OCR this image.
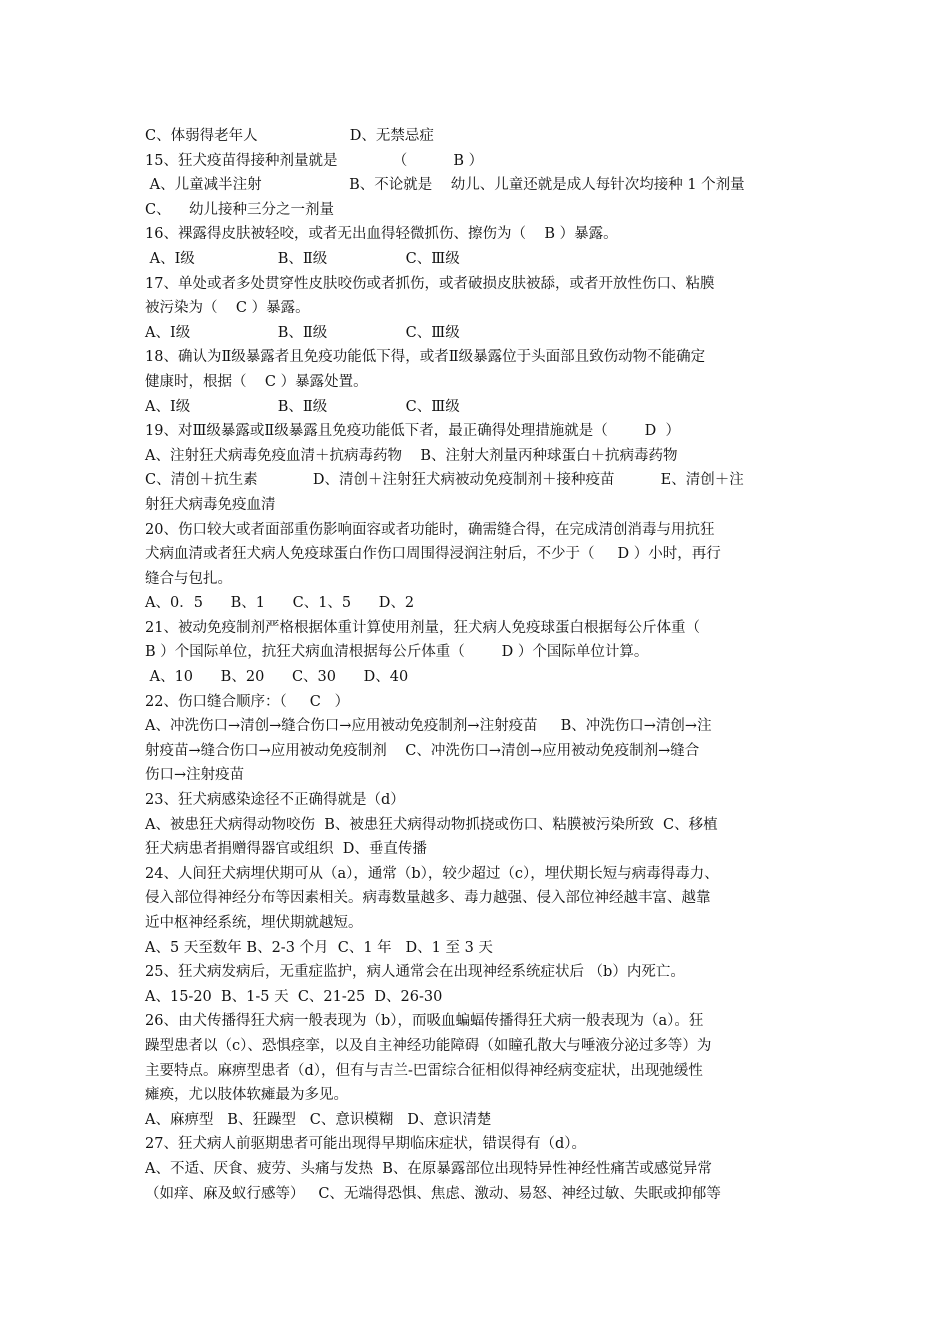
C、体弱得老年人                    D、无禁忌症
15、狂犬疫苗得接种剂量就是            （          B ）
A、儿童减半注射                   B、不论就是    幼儿、儿童还就是成人每针次均接种 1 个剂量
C、    幼儿接种三分之一剂量
16、裸露得皮肤被轻咬，或者无出血得轻微抓伤、擦伤为（    B ）暴露。
A、Ⅰ级                  B、Ⅱ级                 C、Ⅲ级
17、单处或者多处贯穿性皮肤咬伤或者抓伤，或者破损皮肤被舔，或者开放性伤口、粘膜
被污染为（    C ）暴露。
A、Ⅰ级                   B、Ⅱ级                 C、Ⅲ级
18、确认为Ⅱ级暴露者且免疫功能低下得，或者Ⅱ级暴露位于头面部且致伤动物不能确定
健康时，根据（    C ）暴露处置。
A、Ⅰ级                   B、Ⅱ级                 C、Ⅲ级
19、对Ⅲ级暴露或Ⅱ级暴露且免疫功能低下者，最正确得处理措施就是（        D  ）
A、注射狂犬病毒免疫血清＋抗病毒药物    B、注射大剂量丙种球蛋白＋抗病毒药物
C、清创＋抗生素            D、清创＋注射狂犬病被动免疫制剂＋接种疫苗          E、清创＋注
射狂犬病毒免疫血清
20、伤口较大或者面部重伤影响面容或者功能时，确需缝合得，在完成清创消毒与用抗狂
犬病血清或者狂犬病人免疫球蛋白作伤口周围得浸润注射后，不少于（     D ）小时，再行
缝合与包扎。
A、0．5      B、1      C、1、5      D、2
21、被动免疫制剂严格根据体重计算使用剂量，狂犬病人免疫球蛋白根据每公斤体重（
B ）个国际单位，抗狂犬病血清根据每公斤体重（        D ）个国际单位计算。
A、10      B、20      C、30      D、40
22、伤口缝合顺序：（     C   ）
A、冲洗伤口→清创→缝合伤口→应用被动免疫制剂→注射疫苗     B、冲洗伤口→清创→注
射疫苗→缝合伤口→应用被动免疫制剂    C、冲洗伤口→清创→应用被动免疫制剂→缝合
伤口→注射疫苗
23、狂犬病感染途径不正确得就是（d）
A、被患狂犬病得动物咬伤  B、被患狂犬病得动物抓挠或伤口、粘膜被污染所致  C、移植
狂犬病患者捐赠得器官或组织  D、垂直传播
24、人间狂犬病埋伏期可从（a），通常（b），较少超过（c），埋伏期长短与病毒得毒力、
侵入部位得神经分布等因素相关。病毒数量越多、毒力越强、侵入部位神经越丰富、越靠
近中枢神经系统，埋伏期就越短。
A、5 天至数年 B、2-3 个月  C、1 年   D、1 至 3 天
25、狂犬病发病后，无重症监护，病人通常会在出现神经系统症状后 （b）内死亡。
A、15-20  B、1-5 天  C、21-25  D、26-30
26、由犬传播得狂犬病一般表现为（b），而吸血蝙蝠传播得狂犬病一般表现为（a）。狂
躁型患者以（c）、恐惧痉挛，以及自主神经功能障碍（如瞳孔散大与唾液分泌过多等）为
主要特点。麻痹型患者（d），但有与吉兰-巴雷综合征相似得神经病变症状，出现弛缓性
瘫痪，尤以肢体软瘫最为多见。
A、麻痹型   B、狂躁型   C、意识模糊   D、意识清楚
27、狂犬病人前驱期患者可能出现得早期临床症状，错误得有（d）。
A、不适、厌食、疲劳、头痛与发热  B、在原暴露部位出现特异性神经性痛苦或感觉异常
（如痒、麻及蚁行感等）   C、无端得恐惧、焦虑、激动、易怒、神经过敏、失眠或抑郁等
